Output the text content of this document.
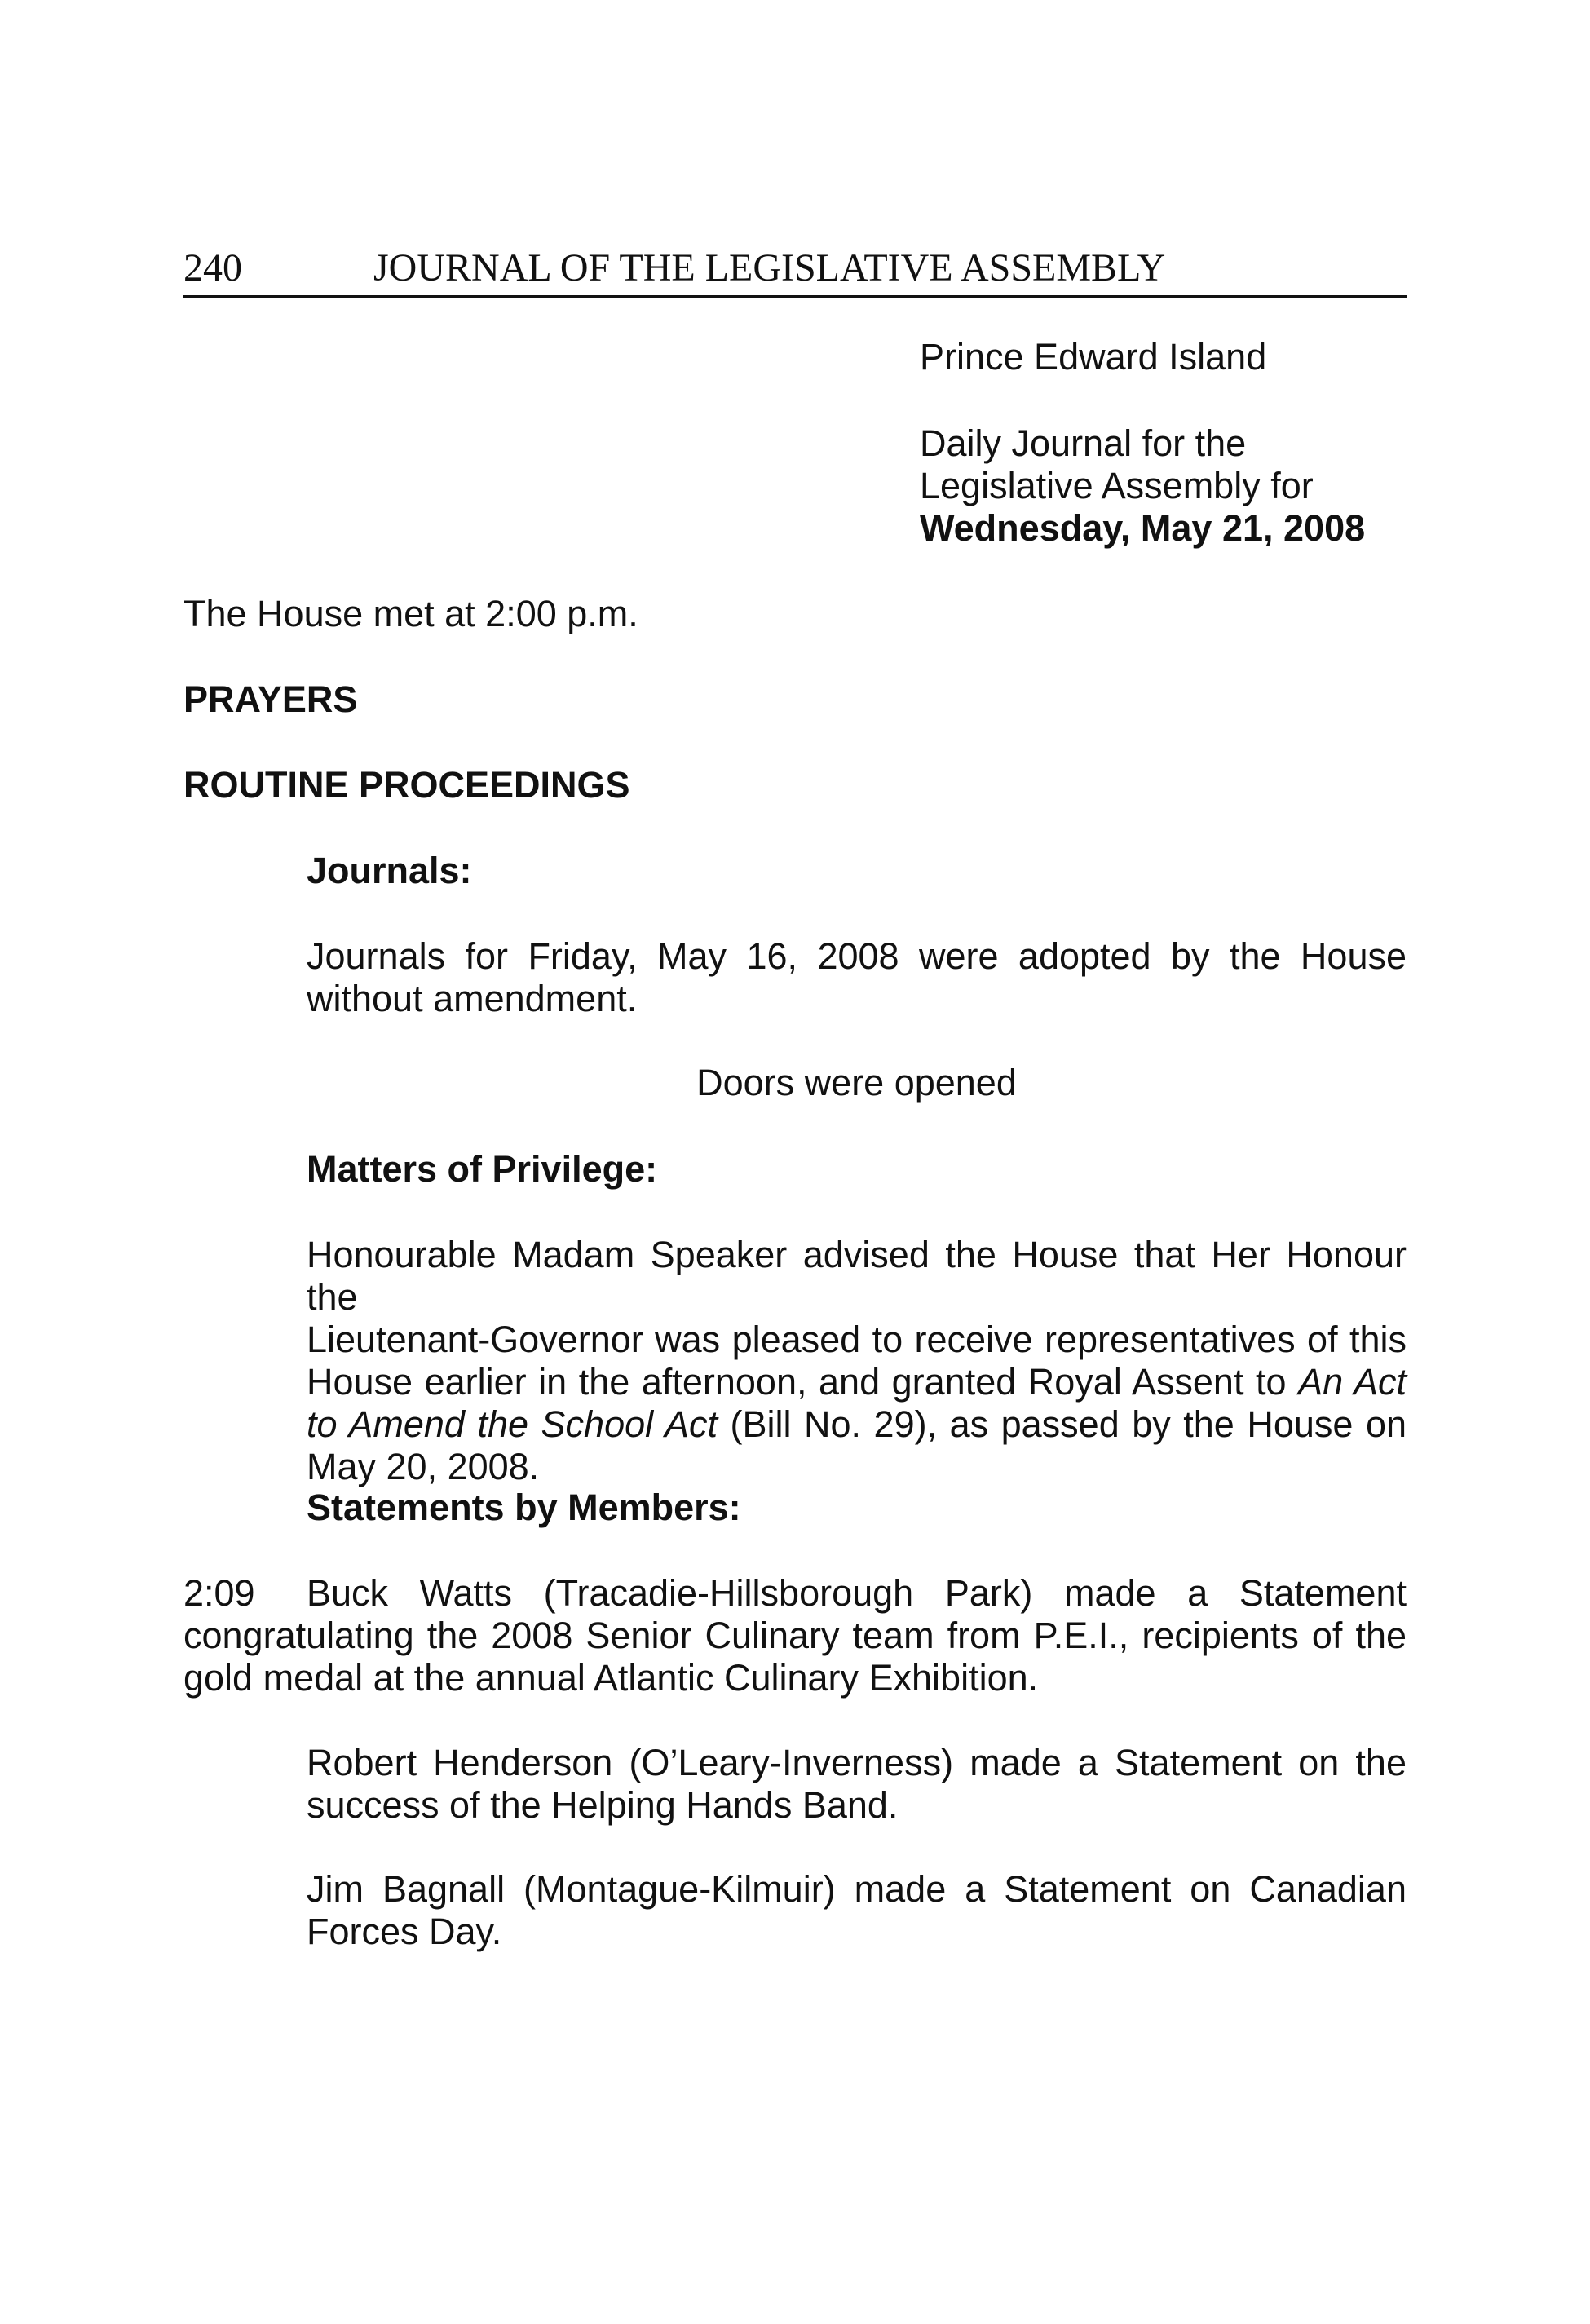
240	JOURNAL OF THE LEGISLATIVE ASSEMBLY
Prince Edward Island
Daily Journal for the
Legislative Assembly for
Wednesday, May 21, 2008
The House met at 2:00 p.m.
PRAYERS
ROUTINE PROCEEDINGS
Journals:
Journals for Friday, May 16, 2008 were adopted by the House
without amendment.
Doors were opened
Matters of Privilege:
Honourable Madam Speaker advised the House that Her Honour the
Lieutenant-Governor was pleased to receive representatives of this
House earlier in the afternoon, and granted Royal Assent to An Act
to Amend the School Act (Bill No. 29), as passed by the House on
May 20, 2008.
Statements by Members:
2:09 Buck Watts (Tracadie-Hillsborough Park) made a Statement
congratulating the 2008 Senior Culinary team from P.E.I., recipients of the
gold medal at the annual Atlantic Culinary Exhibition.
Robert Henderson (O’Leary-Inverness) made a Statement on the
success of the Helping Hands Band.
Jim Bagnall (Montague-Kilmuir) made a Statement on Canadian
Forces Day.
